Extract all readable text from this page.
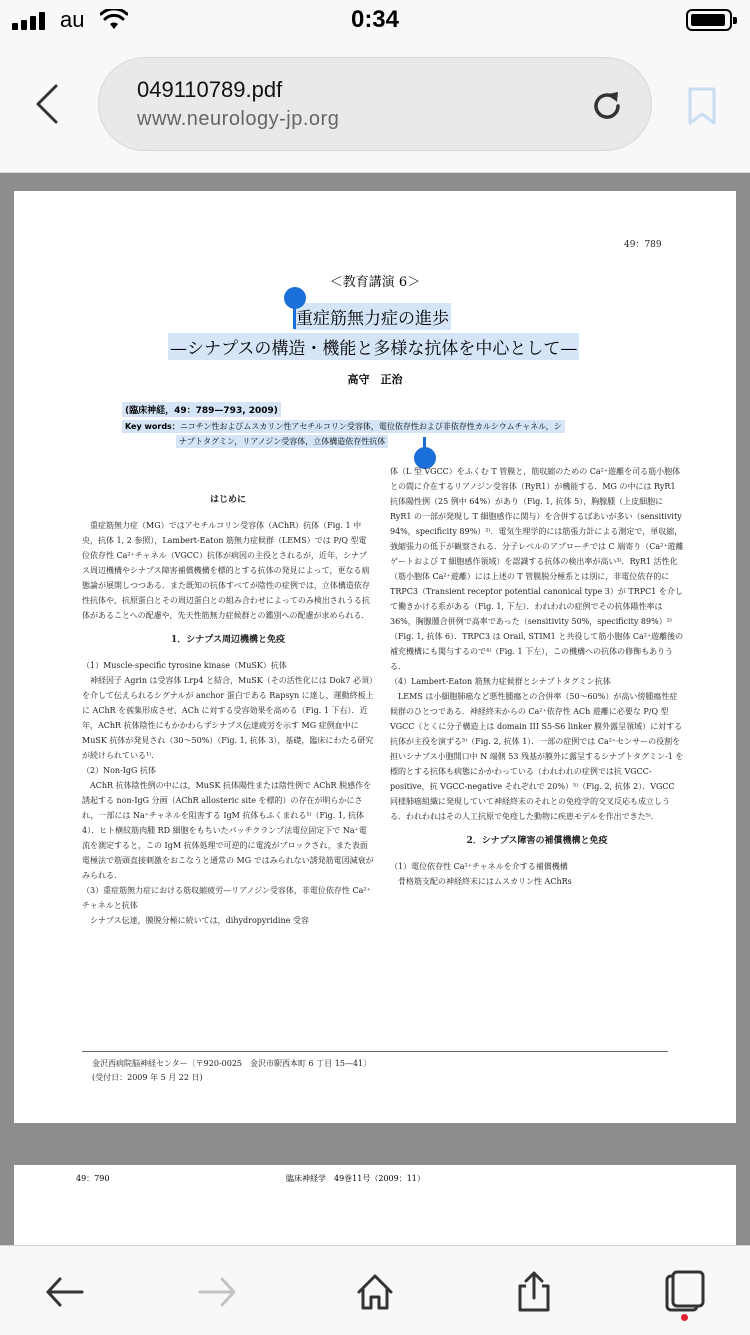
au	0:34
049110789.pdf
www.neurology-jp.org
49：789
＜教育講演 6＞
重症筋無力症の進歩
—シナプスの構造・機能と多様な抗体を中心として—
高守　正治
(臨床神経，49：789—793, 2009)
Key words：ニコチン性およびムスカリン性アセチルコリン受容体，電位依存性および非依存性カルシウムチャネル，シ
ナプトタグミン，リアノジン受容体，立体構造依存性抗体

はじめに

　重症筋無力症（MG）ではアセチルコリン受容体（AChR）抗体（Fig. 1 中央，抗体 1, 2 参照），Lambert-Eaton 筋無力症候群（LEMS）では P/Q 型電位依存性 Ca²⁺チャネル（VGCC）抗体が病因の主役とされるが，近年，シナプス周辺機構やシナプス障害補償機構を標的とする抗体の発見によって，更なる病態論が展開しつつある．また既知の抗体すべてが陰性の症例では，立体構造依存性抗体や，抗原蛋白とその周辺蛋白との組み合わせによってのみ検出されうる抗体があることへの配慮や，先天性筋無力症候群との鑑別への配慮が求められる．

1．シナプス周辺機構と免疫

（1）Muscle-specific tyrosine kinase（MuSK）抗体

　神経因子 Agrin は受容体 Lrp4 と結合，MuSK（その活性化には Dok7 必須）を介して伝えられるシグナルが anchor 蛋白である Rapsyn に達し，運動終板上に AChR を蔟集形成させ，ACh に対する受容効果を高める（Fig. 1 下右）．近年，AChR 抗体陰性にもかかわらずシナプス伝達疲労を示す MG 症例血中に MuSK 抗体が発見され（30～50%）（Fig. 1, 抗体 3），基礎，臨床にわたる研究が続けられている¹⁾．

（2）Non-IgG 抗体

　AChR 抗体陰性例の中には，MuSK 抗体陽性または陰性例で AChR 脱感作を誘起する non-IgG 分画（AChR allosteric site を標的）の存在が明らかにされ，一部には Na⁺チャネルを阻害する IgM 抗体もふくまれる¹⁾（Fig. 1, 抗体 4）．ヒト横紋筋肉腫 RD 細胞をもちいたパッチクランプ法電位固定下で Na⁺電流を測定すると，この IgM 抗体処理で可逆的に電流がブロックされ，また表面電極法で筋頭直接刺激をおこなうと通常の MG ではみられない誘発筋電図減衰がみられる．

（3）重症筋無力症における筋収縮疲労—リアノジン受容体，非電位依存性 Ca²⁺チャネルと抗体

　シナプス伝達，膜脱分極に続いては，dihydropyridine 受容

体（L 型 VGCC）をふくむ T 管膜と，筋収縮のための Ca²⁺遊離を司る筋小胞体との間に介在するリアノジン受容体（RyR1）が機能する．MG の中には RyR1 抗体陽性例（25 例中 64%）があり（Fig. 1, 抗体 5），胸腺腫（上皮細胞に RyR1 の一部が発現し T 細胞感作に関与）を合併するばあいが多い（sensitivity 94%，specificity 89%）²⁾．電気生理学的には筋張力計による測定で，単収縮，強縮張力の低下が観察される．分子レベルのアプローチでは C 端寄り（Ca²⁺遊離ゲートおよび T 細胞感作領域）を認識する抗体の検出率が高い³⁾．RyR1 活性化（筋小胞体 Ca²⁺遊離）には上述の T 管膜脱分極系とは別に，非電位依存的に TRPC3（Transient receptor potential canonical type 3）が TRPC1 を介して働きかける系がある（Fig. 1, 下左）．われわれの症例でその抗体陽性率は 36%，胸腺腫合併例で高率であった（sensitivity 50%，specificity 89%）²⁾（Fig. 1, 抗体 6）．TRPC3 は Orail, STIM1 と共役して筋小胞体 Ca²⁺遊離後の補充機構にも関与するので⁴⁾（Fig. 1 下左），この機構への抗体の修飾もありうる．

（4）Lambert-Eaton 筋無力症候群とシナプトタグミン抗体

　LEMS は小細胞肺癌など悪性腫瘍との合併率（50～60%）が高い傍腫瘍性症候群のひとつである．神経終末からの Ca²⁺依存性 ACh 遊離に必要な P/Q 型 VGCC（とくに分子構造上は domain III S5-S6 linker 膜外露呈領域）に対する抗体が主役を演ずる⁵⁾（Fig. 2, 抗体 1）．一部の症例では Ca²⁺センサーの役割を担いシナプス小胞開口中 N 端側 53 残基が膜外に露呈するシナプトタグミン-1 を標的とする抗体も病態にかかわっている（われわれの症例では抗 VGCC-positive，抗 VGCC-negative それぞれで 20%）⁵⁾（Fig. 2, 抗体 2）．VGCC 同様肺癌組織に発現していて神経終末のそれとの免疫学的交叉反応も成立しうる．われわれはその人工抗原で免疫した動物に疾患モデルを作出できた⁵⁾．

2．シナプス障害の補償機構と免疫

（1）電位依存性 Ca²⁺チャネルを介する補償機構

　骨格筋支配の神経終末にはムスカリン性 AChRs

金沢西病院脳神経センター〔〒920-0025　金沢市駅西本町 6 丁目 15—41〕
(受付日：2009 年 5 月 22 日)
49：790	臨床神経学　49巻11号（2009：11）
